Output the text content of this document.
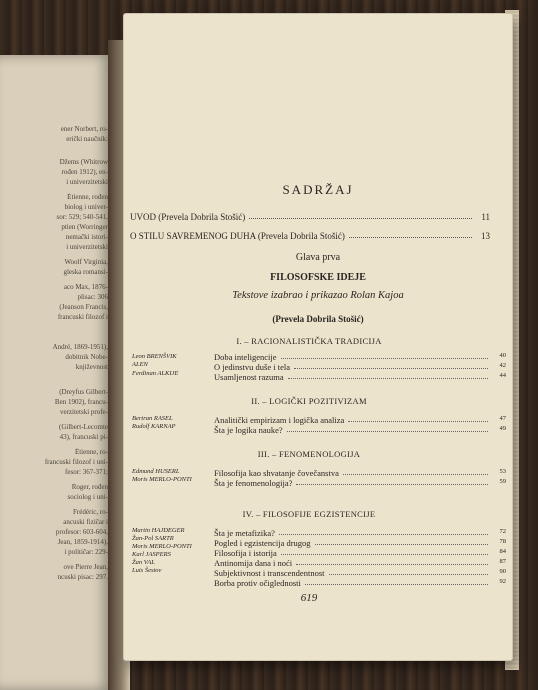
ener Norbert, ro-
erički naučnik:
Džems (Whitrow
rođen 1912), en-
i univerzitetski
Étienne, rođen
biolog i univer-
sor: 529; 540-541,
ptien (Worringer
nemački istori-
i univerzitetski
Woolf Virginia,
gleska romansi-
aco Max, 1876-
plisac: 306
(Jeanson Francis,
francuski filozof i
André, 1869-1951),
dobitnik Nobe-
književnost
(Dreyfus Gilbert-
Ben 1902), francu-
verzitetski profe-
(Gilbert-Lecomte
43), francuski pi-
Étienne, ro-
francuski filozof i uni-
fesor: 367-371;
Roger, rođen
sociolog i uni-
Frédéric, ro-
ancuski fizičar i
profesor: 603-604,
Jean, 1859-1914),
i političar: 229-
ove Pierre Jean,
ncuski pisac: 297.
SADRŽAJ
UVOD (Prevela Dobrila Stošić)	11
O STILU SAVREMENOG DUHA (Prevela Dobrila Stošić)	13
Glava prva
FILOSOFSKE IDEJE
Tekstove izabrao i prikazao Rolan Kajoa
(Prevela Dobrila Stošić)
I. – RACIONALISTIČKA TRADICIJA
Leon BRENŠVIK
ALEN
Ferdinan ALKIJE
Doba inteligencije	40
O jedinstvu duše i tela	42
Usamljenost razuma	44
II. – LOGIČKI POZITIVIZAM
Bertran RASEL
Rudolf KARNAP
Analitički empirizam i logička analiza	47
Šta je logika nauke?	49
III. – FENOMENOLOGIJA
Edmund HUSERL
Moris MERLO-PONTI
Filosofija kao shvatanje čovečanstva	53
Šta je fenomenologija?	59
IV. – FILOSOFIJE EGZISTENCIJE
Martin HAJDEGER
Žan-Pol SARTR
Moris MERLO-PONTI
Karl JASPERS
Žan VAL
Luis Šestov
Šta je metafizika?	72
Pogled i egzistencija drugog	78
Filosofija i istorija	84
Antinomija dana i noći	87
Subjektivnost i transcendentnost	90
Borba protiv očiglednosti	92
619
